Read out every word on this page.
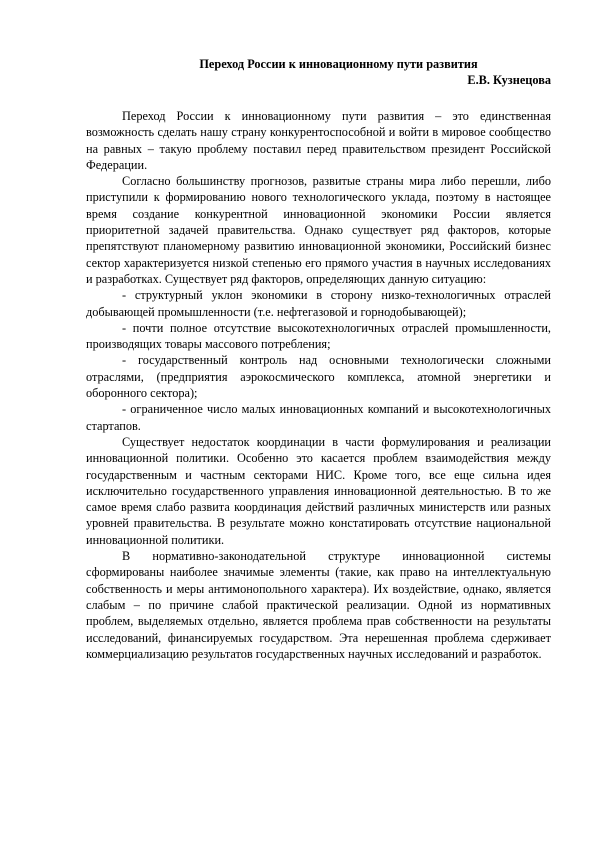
Переход России к инновационному пути развития

Е.В. Кузнецова

Переход России к инновационному пути развития – это единственная возможность сделать нашу страну конкурентоспособной и войти в мировое сообщество на равных – такую проблему поставил перед правительством президент Российской Федерации.

Согласно большинству прогнозов, развитые страны мира либо перешли, либо приступили к формированию нового технологического уклада, поэтому в настоящее время создание конкурентной инновационной экономики России является приоритетной задачей правительства. Однако существует ряд факторов, которые препятствуют планомерному развитию инновационной экономики, Российский бизнес сектор характеризуется низкой степенью его прямого участия в научных исследованиях и разработках. Существует ряд факторов, определяющих данную ситуацию:

- структурный уклон экономики в сторону низко-технологичных отраслей добывающей промышленности (т.е. нефтегазовой и горнодобывающей);

- почти полное отсутствие высокотехнологичных отраслей промышленности, производящих товары массового потребления;

- государственный контроль над основными технологически сложными отраслями, (предприятия аэрокосмического комплекса, атомной энергетики и оборонного сектора);

- ограниченное число малых инновационных компаний и высокотехнологичных стартапов.

Существует недостаток координации в части формулирования и реализации инновационной политики. Особенно это касается проблем взаимодействия между государственным и частным секторами НИС. Кроме того, все еще сильна идея исключительно государственного управления инновационной деятельностью. В то же самое время слабо развита координация действий различных министерств или разных уровней правительства. В результате можно констатировать отсутствие национальной инновационной политики.

В нормативно-законодательной структуре инновационной системы сформированы наиболее значимые элементы (такие, как право на интеллектуальную собственность и меры антимонопольного характера). Их воздействие, однако, является слабым – по причине слабой практической реализации. Одной из нормативных проблем, выделяемых отдельно, является проблема прав собственности на результаты исследований, финансируемых государством. Эта нерешенная проблема сдерживает коммерциализацию результатов государственных научных исследований и разработок.
